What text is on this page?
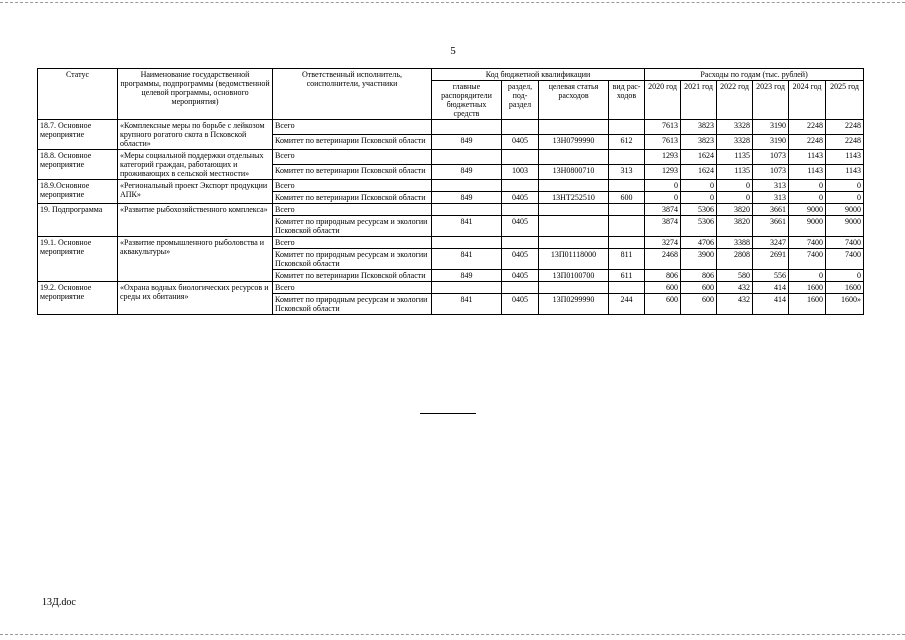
5
Статус	Наименование государственной программы, подпрограммы (ведомственной целевой программы, основного мероприятия)	Ответственный исполнитель, соисполнители, участники	Код бюджетной квалификации				Расходы по годам (тыс. рублей)					
			главные распорядители бюджетных средств	раздел, под-раздел	целевая статья расходов	вид рас-ходов	2020 год	2021 год	2022 год	2023 год	2024 год	2025 год
18.7. Основное мероприятие	«Комплексные меры по борьбе с лейкозом крупного рогатого скота в Псковской области»	Всего					7613	3823	3328	3190	2248	2248
		Комитет по ветеринарии Псковской области	849	0405	13Н0799990	612	7613	3823	3328	3190	2248	2248
18.8. Основное мероприятие	«Меры социальной поддержки отдельных категорий граждан, работающих и проживающих в сельской местности»	Всего					1293	1624	1135	1073	1143	1143
		Комитет по ветеринарии Псковской области	849	1003	13Н0800710	313	1293	1624	1135	1073	1143	1143
18.9.Основное мероприятие	«Региональный проект Экспорт продукции АПК»	Всего					0	0	0	313	0	0
		Комитет по ветеринарии Псковской области	849	0405	13НТ252510	600	0	0	0	313	0	0
19. Подпрограмма	«Развитие рыбохозяйственного комплекса»	Всего					3874	5306	3820	3661	9000	9000
		Комитет по природным ресурсам и экологии Псковской области	841	0405			3874	5306	3820	3661	9000	9000
19.1. Основное мероприятие	«Развитие промышленного рыболовства и аквакультуры»	Всего					3274	4706	3388	3247	7400	7400
		Комитет по природным ресурсам и экологии Псковской области	841	0405	13П01118000	811	2468	3900	2808	2691	7400	7400
		Комитет по ветеринарии Псковской области	849	0405	13П0100700	611	806	806	580	556	0	0
19.2. Основное мероприятие	«Охрана водных биологических ресурсов и среды их обитания»	Всего					600	600	432	414	1600	1600
		Комитет по природным ресурсам и экологии Псковской области	841	0405	13П0299990	244	600	600	432	414	1600	1600»
13Д.doc
